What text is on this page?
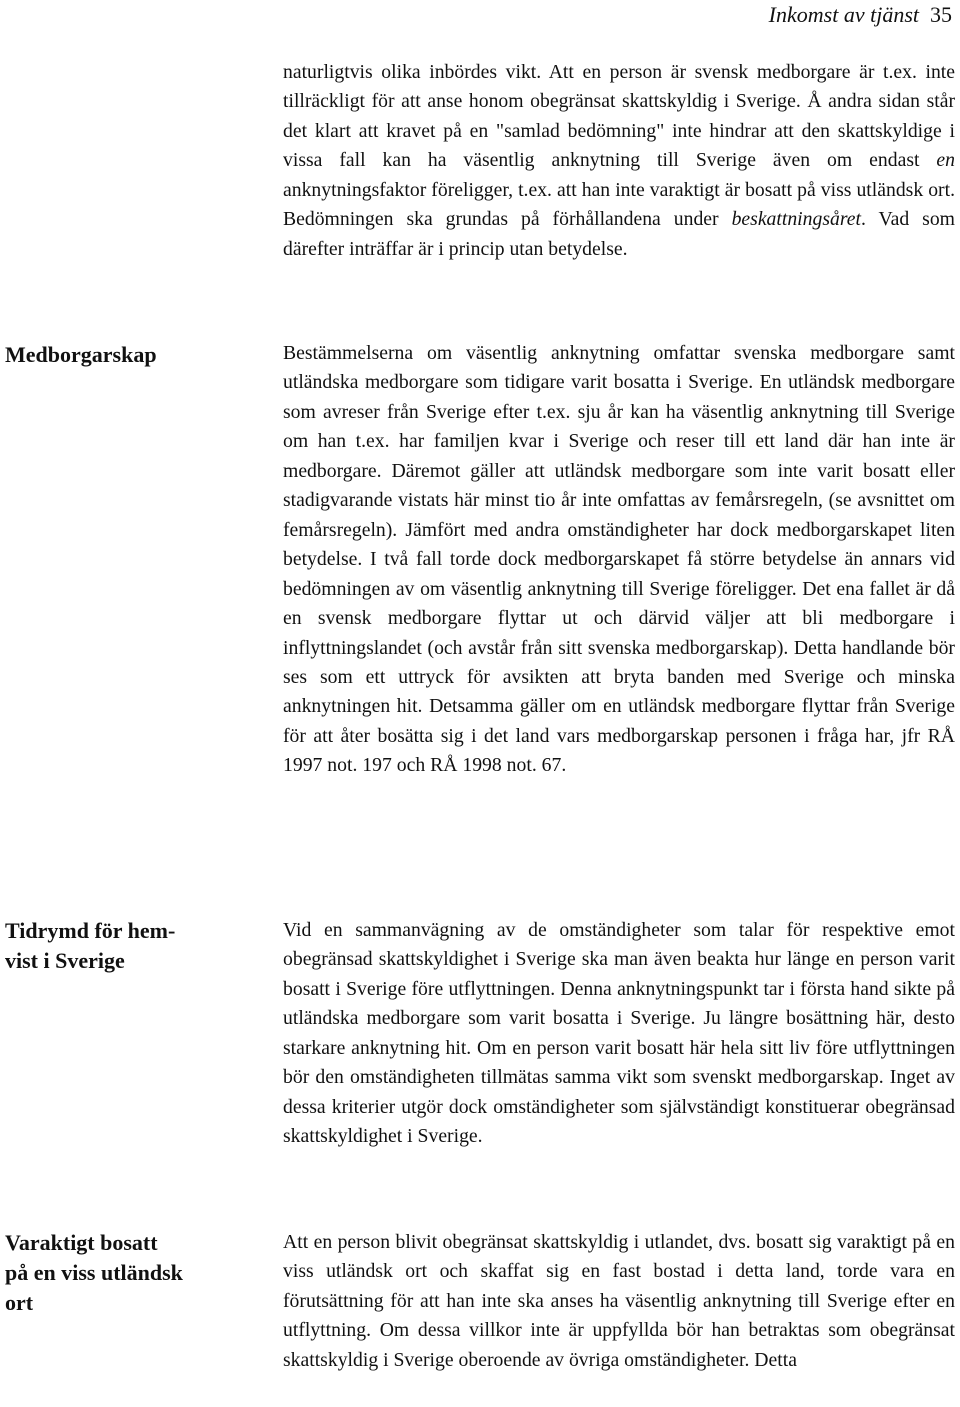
Inkomst av tjänst 35
Medborgarskap
Tidrymd för hem-
vist i Sverige
Varaktigt bosatt
på en viss utländsk
ort

naturligtvis olika inbördes vikt. Att en person är svensk medborgare är t.ex. inte tillräckligt för att anse honom obegränsat skattskyldig i Sverige. Å andra sidan står det klart att kravet på en "samlad bedömning" inte hindrar att den skattskyldige i vissa fall kan ha väsentlig anknytning till Sverige även om endast en anknytningsfaktor föreligger, t.ex. att han inte varaktigt är bosatt på viss utländsk ort. Bedömningen ska grundas på förhållandena under beskattningsåret. Vad som därefter inträffar är i princip utan betydelse.

Bestämmelserna om väsentlig anknytning omfattar svenska medborgare samt utländska medborgare som tidigare varit bosatta i Sverige. En utländsk medborgare som avreser från Sverige efter t.ex. sju år kan ha väsentlig anknytning till Sverige om han t.ex. har familjen kvar i Sverige och reser till ett land där han inte är medborgare. Däremot gäller att utländsk medborgare som inte varit bosatt eller stadigvarande vistats här minst tio år inte omfattas av femårsregeln, (se avsnittet om femårsregeln). Jämfört med andra omständigheter har dock medborgarskapet liten betydelse. I två fall torde dock medborgarskapet få större betydelse än annars vid bedömningen av om väsentlig anknytning till Sverige föreligger. Det ena fallet är då en svensk medborgare flyttar ut och därvid väljer att bli medborgare i inflyttningslandet (och avstår från sitt svenska medborgarskap). Detta handlande bör ses som ett uttryck för avsikten att bryta banden med Sverige och minska anknytningen hit. Detsamma gäller om en utländsk medborgare flyttar från Sverige för att åter bosätta sig i det land vars medborgarskap personen i fråga har, jfr RÅ 1997 not. 197 och RÅ 1998 not. 67.

Vid en sammanvägning av de omständigheter som talar för respektive emot obegränsad skattskyldighet i Sverige ska man även beakta hur länge en person varit bosatt i Sverige före utflyttningen. Denna anknytningspunkt tar i första hand sikte på utländska medborgare som varit bosatta i Sverige. Ju längre bosättning här, desto starkare anknytning hit. Om en person varit bosatt här hela sitt liv före utflyttningen bör den omständigheten tillmätas samma vikt som svenskt medborgarskap. Inget av dessa kriterier utgör dock omständigheter som självständigt konstituerar obegränsad skattskyldighet i Sverige.

Att en person blivit obegränsat skattskyldig i utlandet, dvs. bosatt sig varaktigt på en viss utländsk ort och skaffat sig en fast bostad i detta land, torde vara en förutsättning för att han inte ska anses ha väsentlig anknytning till Sverige efter en utflyttning. Om dessa villkor inte är uppfyllda bör han betraktas som obegränsat skattskyldig i Sverige oberoende av övriga omständigheter. Detta
